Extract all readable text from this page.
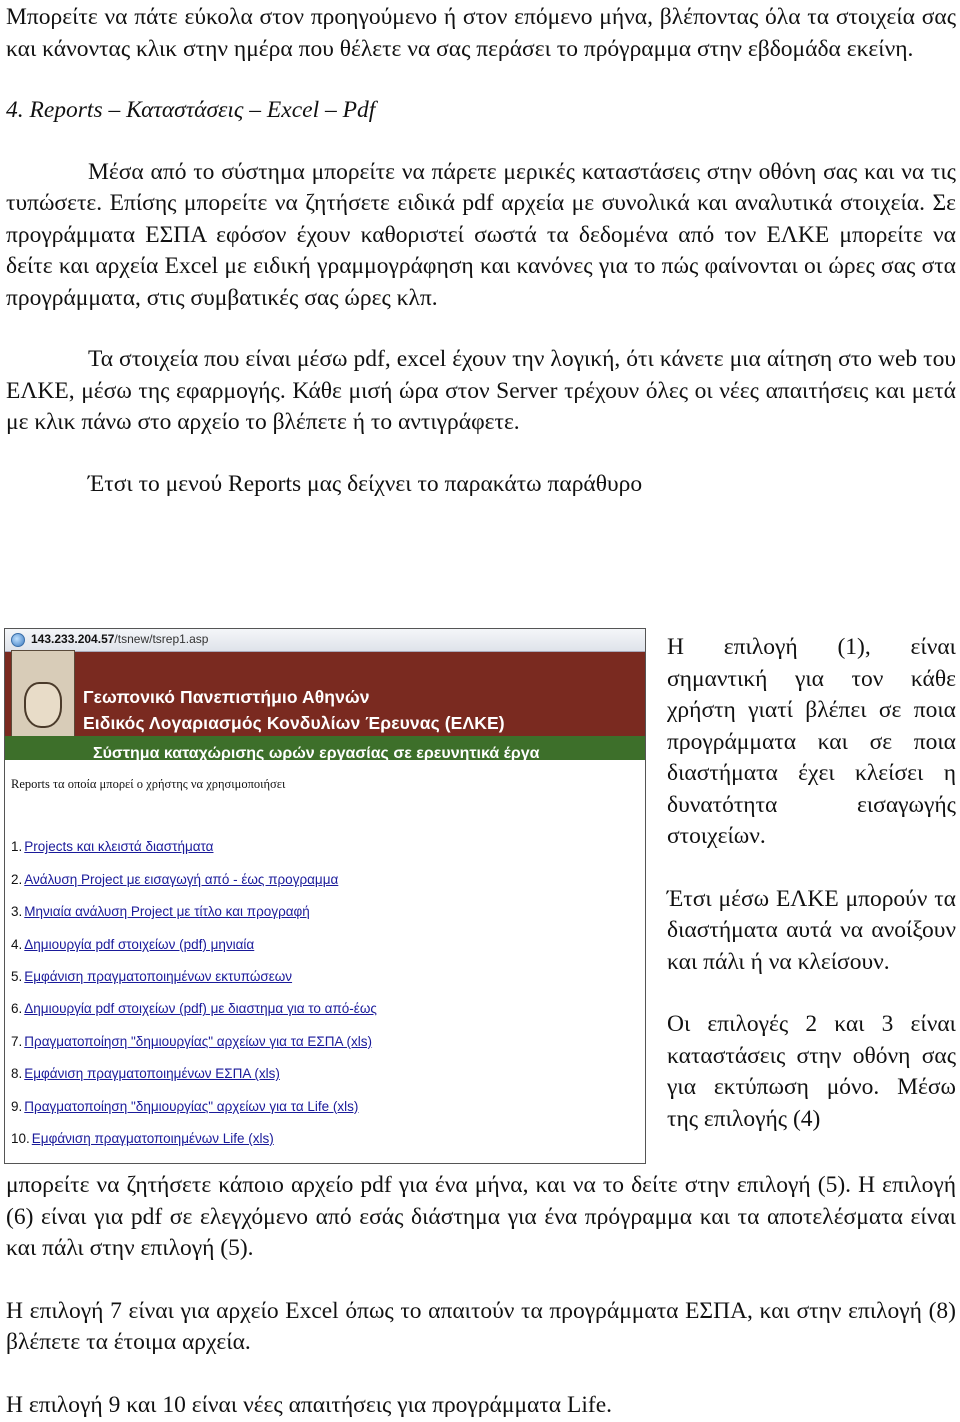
Μπορείτε να πάτε εύκολα στον προηγούμενο ή στον επόμενο μήνα, βλέποντας όλα τα στοιχεία σας και κάνοντας κλικ στην ημέρα που θέλετε να σας περάσει το πρόγραμμα στην εβδομάδα εκείνη.

4. Reports – Καταστάσεις – Excel – Pdf

Μέσα από το σύστημα μπορείτε να πάρετε μερικές καταστάσεις στην οθόνη σας και να τις τυπώσετε. Επίσης μπορείτε να ζητήσετε ειδικά pdf αρχεία με συνολικά και αναλυτικά στοιχεία. Σε προγράμματα ΕΣΠΑ εφόσον έχουν καθοριστεί σωστά τα δεδομένα από τον ΕΛΚΕ μπορείτε να δείτε και αρχεία Excel με ειδική γραμμογράφηση και κανόνες για το πώς φαίνονται οι ώρες σας στα προγράμματα, στις συμβατικές σας ώρες κλπ.

Τα στοιχεία που είναι μέσω pdf, excel έχουν την λογική, ότι κάνετε μια αίτηση στο web του ΕΛΚΕ, μέσω της εφαρμογής. Κάθε μισή ώρα στον Server τρέχουν όλες οι νέες απαιτήσεις και μετά με κλικ πάνω στο αρχείο το βλέπετε ή το αντιγράφετε.

Έτσι το μενού Reports μας δείχνει το παρακάτω παράθυρο

143.233.204.57 /tsnew/tsrep1.asp
Γεωπονικό Πανεπιστήμιο Αθηνών
Ειδικός Λογαριασμός Κονδυλίων Έρευνας (ΕΛΚΕ)
Σύστημα καταχώρισης ωρών εργασίας σε ερευνητικά έργα
Reports τα οποία μπορεί ο χρήστης να χρησιμοποιήσει
1. Projects και κλειστά διαστήματα
2. Ανάλυση Project με εισαγωγή από - έως προγραμμα
3. Μηνιαία ανάλυση Project με τίτλο και προγραφή
4. Δημιουργία pdf στοιχείων (pdf) μηνιαία
5. Εμφάνιση πραγματοποιημένων εκτυπώσεων
6. Δημιουργία pdf στοιχείων (pdf) με διαστημα για το από-έως
7. Πραγματοποίηση "δημιουργίας" αρχείων για τα ΕΣΠΑ (xls)
8. Εμφάνιση πραγματοποιημένων ΕΣΠΑ (xls)
9. Πραγματοποίηση "δημιουργίας" αρχείων για τα Life (xls)
10. Εμφάνιση πραγματοποιημένων Life (xls)

Η επιλογή (1), είναι σημαντική για τον κάθε χρήστη γιατί βλέπει σε ποια προγράμματα και σε ποια διαστήματα έχει κλείσει η δυνατότητα εισαγωγής στοιχείων.

Έτσι μέσω ΕΛΚΕ μπορούν τα διαστήματα αυτά να ανοίξουν και πάλι ή να κλείσουν.

Οι επιλογές 2 και 3 είναι καταστάσεις στην οθόνη σας για εκτύπωση μόνο. Μέσω της επιλογής (4)

μπορείτε να ζητήσετε κάποιο αρχείο pdf για ένα μήνα, και να το δείτε στην επιλογή (5). Η επιλογή (6) είναι για pdf σε ελεγχόμενο από εσάς διάστημα για ένα πρόγραμμα και τα αποτελέσματα είναι και πάλι στην επιλογή (5).

Η επιλογή 7 είναι για αρχείο Excel όπως το απαιτούν τα προγράμματα ΕΣΠΑ, και στην επιλογή (8) βλέπετε τα έτοιμα αρχεία.

Η επιλογή 9 και 10 είναι νέες απαιτήσεις για προγράμματα Life.
